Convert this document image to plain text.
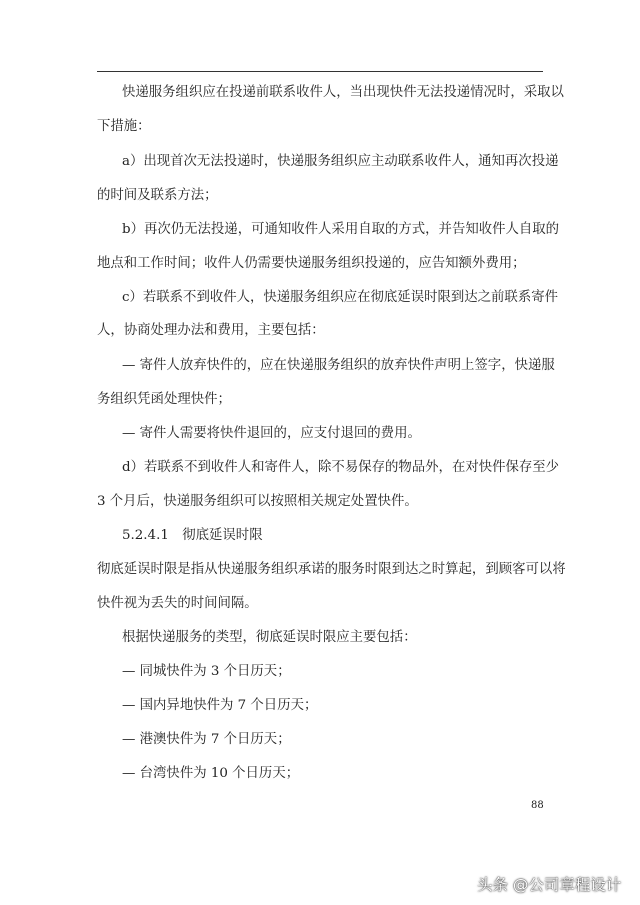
快递服务组织应在投递前联系收件人，当出现快件无法投递情况时，采取以
下措施：
a）出现首次无法投递时，快递服务组织应主动联系收件人，通知再次投递
的时间及联系方法；
b）再次仍无法投递，可通知收件人采用自取的方式，并告知收件人自取的
地点和工作时间；收件人仍需要快递服务组织投递的，应告知额外费用；
c）若联系不到收件人，快递服务组织应在彻底延误时限到达之前联系寄件
人，协商处理办法和费用，主要包括：
— 寄件人放弃快件的，应在快递服务组织的放弃快件声明上签字，快递服
务组织凭函处理快件；
— 寄件人需要将快件退回的，应支付退回的费用。
d）若联系不到收件人和寄件人，除不易保存的物品外，在对快件保存至少
3 个月后，快递服务组织可以按照相关规定处置快件。
5.2.4.1　彻底延误时限
彻底延误时限是指从快递服务组织承诺的服务时限到达之时算起，到顾客可以将
快件视为丢失的时间间隔。
根据快递服务的类型，彻底延误时限应主要包括：
— 同城快件为 3 个日历天；
— 国内异地快件为 7 个日历天；
— 港澳快件为 7 个日历天；
— 台湾快件为 10 个日历天；
88
头条 @公司章程设计
